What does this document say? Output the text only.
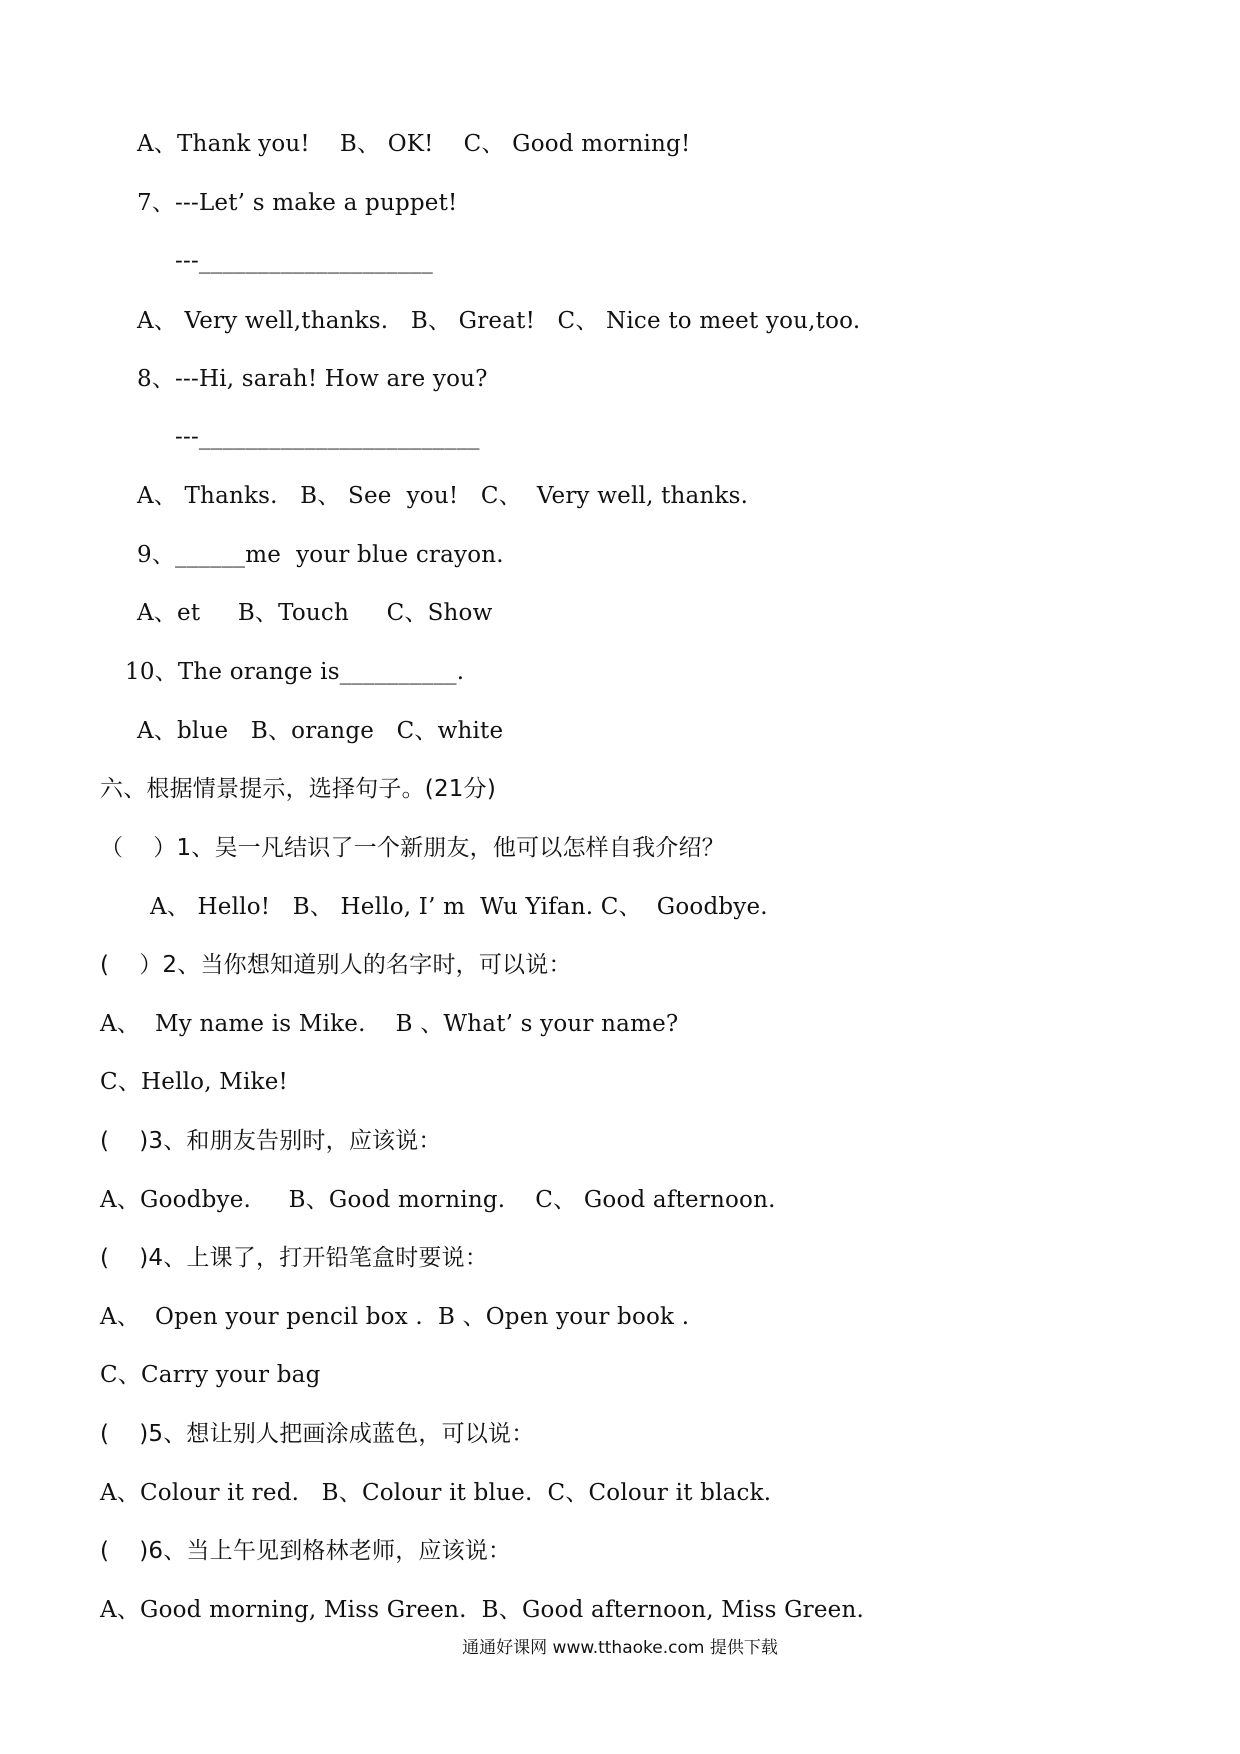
A、Thank you!    B、 OK!    C、 Good morning!
7、---Let’ s make a puppet!
---____________________
A、 Very well,thanks.   B、 Great!   C、 Nice to meet you,too.
8、---Hi, sarah! How are you?
---________________________
A、 Thanks.   B、 See  you!   C、  Very well, thanks.
9、______me  your blue crayon.
A、et     B、Touch     C、Show
10、The orange is__________.
A、blue   B、orange   C、white
六、根据情景提示，选择句子。(21分)
（    ）1、吴一凡结识了一个新朋友，他可以怎样自我介绍？
A、 Hello!   B、 Hello, I’ m  Wu Yifan. C、  Goodbye.
(    ）2、当你想知道别人的名字时，可以说：
A、  My name is Mike.    B 、What’ s your name?
C、Hello, Mike!
(    )3、和朋友告别时，应该说：
A、Goodbye.     B、Good morning.    C、 Good afternoon.
(    )4、上课了，打开铅笔盒时要说：
A、  Open your pencil box .  B 、Open your book .
C、Carry your bag
(    )5、想让别人把画涂成蓝色，可以说：
A、Colour it red.   B、Colour it blue.  C、Colour it black.
(    )6、当上午见到格林老师，应该说：
A、Good morning, Miss Green.  B、Good afternoon, Miss Green.
通通好课网 www.tthaoke.com 提供下载
